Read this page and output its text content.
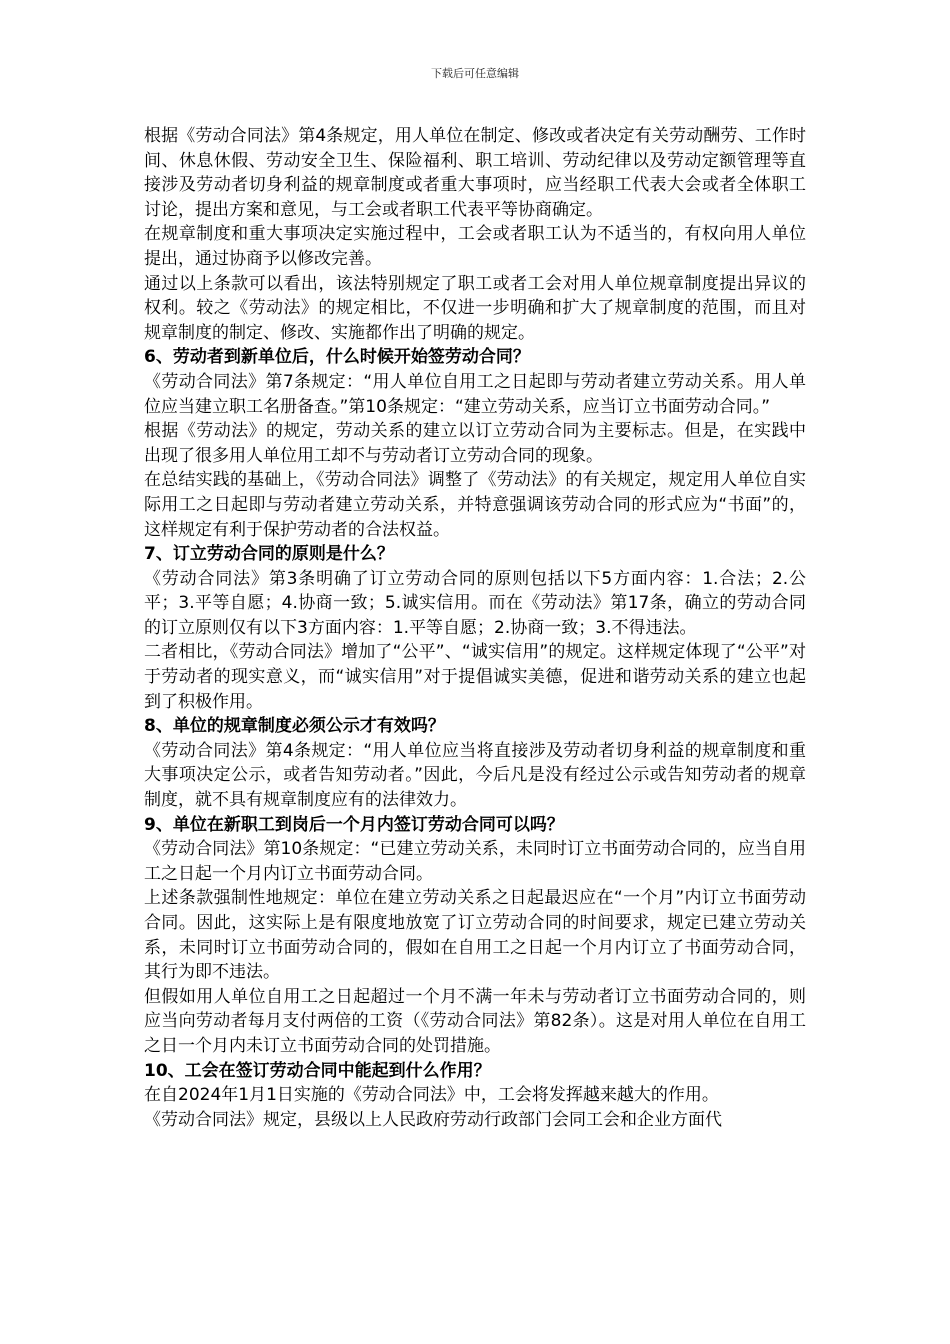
下载后可任意编辑

根据《劳动合同法》第4条规定，用人单位在制定、修改或者决定有关劳动酬劳、工作时间、休息休假、劳动安全卫生、保险福利、职工培训、劳动纪律以及劳动定额管理等直接涉及劳动者切身利益的规章制度或者重大事项时，应当经职工代表大会或者全体职工讨论，提出方案和意见，与工会或者职工代表平等协商确定。

在规章制度和重大事项决定实施过程中，工会或者职工认为不适当的，有权向用人单位提出，通过协商予以修改完善。

通过以上条款可以看出，该法特别规定了职工或者工会对用人单位规章制度提出异议的权利。较之《劳动法》的规定相比，不仅进一步明确和扩大了规章制度的范围，而且对规章制度的制定、修改、实施都作出了明确的规定。

6、劳动者到新单位后，什么时候开始签劳动合同？

《劳动合同法》第7条规定：“用人单位自用工之日起即与劳动者建立劳动关系。用人单位应当建立职工名册备查。”第10条规定：“建立劳动关系，应当订立书面劳动合同。”

根据《劳动法》的规定，劳动关系的建立以订立劳动合同为主要标志。但是，在实践中出现了很多用人单位用工却不与劳动者订立劳动合同的现象。

在总结实践的基础上，《劳动合同法》调整了《劳动法》的有关规定，规定用人单位自实际用工之日起即与劳动者建立劳动关系，并特意强调该劳动合同的形式应为“书面”的，这样规定有利于保护劳动者的合法权益。

7、订立劳动合同的原则是什么？

《劳动合同法》第3条明确了订立劳动合同的原则包括以下5方面内容：1.合法；2.公平；3.平等自愿；4.协商一致；5.诚实信用。而在《劳动法》第17条，确立的劳动合同的订立原则仅有以下3方面内容：1.平等自愿；2.协商一致；3.不得违法。

二者相比，《劳动合同法》增加了“公平”、“诚实信用”的规定。这样规定体现了“公平”对于劳动者的现实意义，而“诚实信用”对于提倡诚实美德，促进和谐劳动关系的建立也起到了积极作用。

8、单位的规章制度必须公示才有效吗？

《劳动合同法》第4条规定：“用人单位应当将直接涉及劳动者切身利益的规章制度和重大事项决定公示，或者告知劳动者。”因此，今后凡是没有经过公示或告知劳动者的规章制度，就不具有规章制度应有的法律效力。

9、单位在新职工到岗后一个月内签订劳动合同可以吗？

《劳动合同法》第10条规定：“已建立劳动关系，未同时订立书面劳动合同的，应当自用工之日起一个月内订立书面劳动合同。

上述条款强制性地规定：单位在建立劳动关系之日起最迟应在“一个月”内订立书面劳动合同。因此，这实际上是有限度地放宽了订立劳动合同的时间要求，规定已建立劳动关系，未同时订立书面劳动合同的，假如在自用工之日起一个月内订立了书面劳动合同，其行为即不违法。

但假如用人单位自用工之日起超过一个月不满一年未与劳动者订立书面劳动合同的，则应当向劳动者每月支付两倍的工资（《劳动合同法》第82条）。这是对用人单位在自用工之日一个月内未订立书面劳动合同的处罚措施。

10、工会在签订劳动合同中能起到什么作用？

在自2024年1月1日实施的《劳动合同法》中，工会将发挥越来越大的作用。

《劳动合同法》规定，县级以上人民政府劳动行政部门会同工会和企业方面代
